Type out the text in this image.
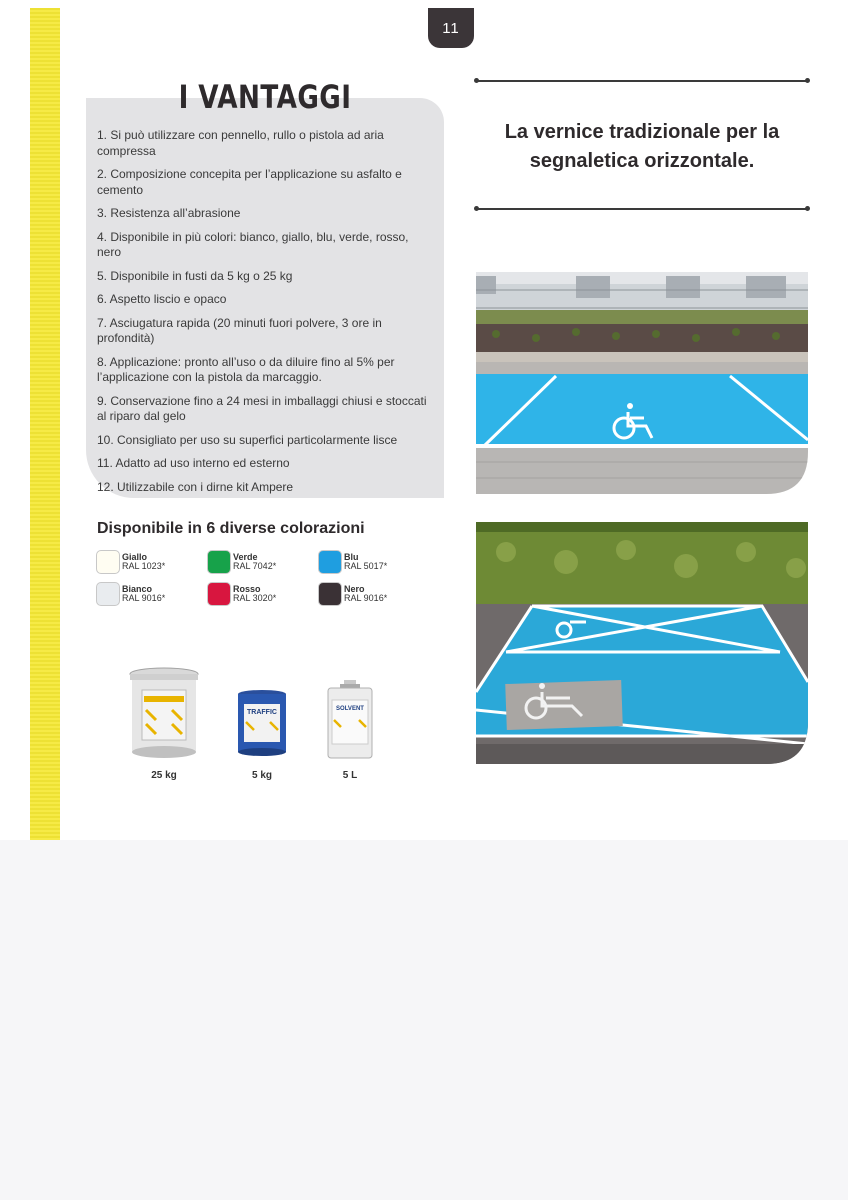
11
I VANTAGGI
1. Si può utilizzare con pennello, rullo o pistola ad aria compressa
2. Composizione concepita per l’applicazione su asfalto e cemento
3. Resistenza all’abrasione
4. Disponibile in più colori: bianco, giallo, blu, verde, rosso, nero
5. Disponibile in fusti da 5 kg o 25 kg
6. Aspetto liscio e opaco
7. Asciugatura rapida (20 minuti fuori polvere, 3 ore in profondità)
8. Applicazione: pronto all’uso o da diluire fino al 5% per l’applicazione con la pistola da marcaggio.
9. Conservazione fino a 24 mesi in imballaggi chiusi e stoccati al riparo dal gelo
10. Consigliato per uso su superfici particolarmente lisce
11. Adatto ad uso interno ed esterno
12. Utilizzabile con i dirne kit Ampere
La vernice tradizionale per la segnaletica orizzontale.
Disponibile in 6 diverse colorazioni
Giallo
RAL 1023*
Verde
RAL 7042*
Blu
RAL 5017*
Bianco
RAL 9016*
Rosso
RAL 3020*
Nero
RAL 9016*
25 kg
TRAFFIC
5 kg
SOLVENT
5 L
